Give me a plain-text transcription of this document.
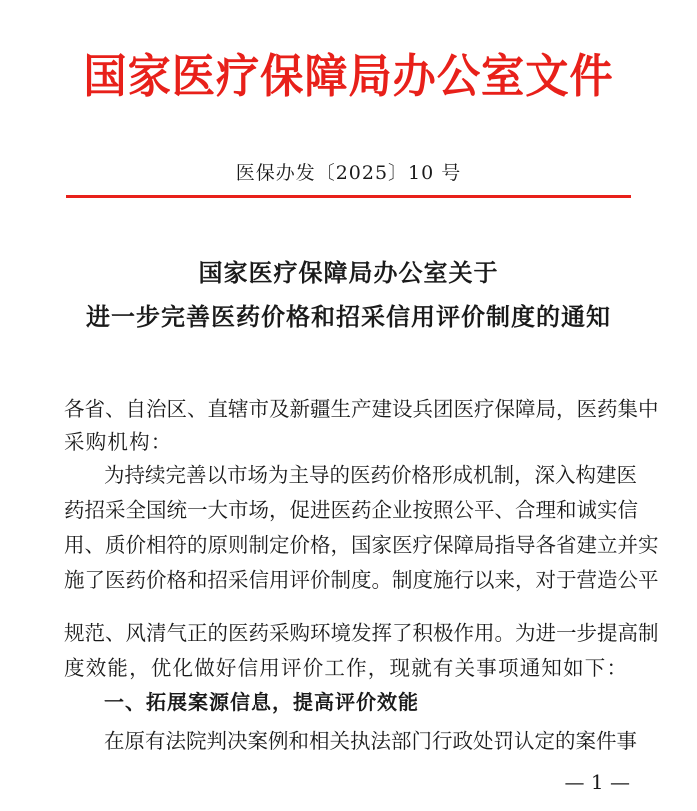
国家医疗保障局办公室文件
医保办发〔2025〕10 号
国家医疗保障局办公室关于
进一步完善医药价格和招采信用评价制度的通知
各省、自治区、直辖市及新疆生产建设兵团医疗保障局，医药集中
采购机构：
为持续完善以市场为主导的医药价格形成机制，深入构建医
药招采全国统一大市场，促进医药企业按照公平、合理和诚实信
用、质价相符的原则制定价格，国家医疗保障局指导各省建立并实
施了医药价格和招采信用评价制度。制度施行以来，对于营造公平
规范、风清气正的医药采购环境发挥了积极作用。为进一步提高制
度效能，优化做好信用评价工作，现就有关事项通知如下：
一、拓展案源信息，提高评价效能
在原有法院判决案例和相关执法部门行政处罚认定的案件事
— 1 —
